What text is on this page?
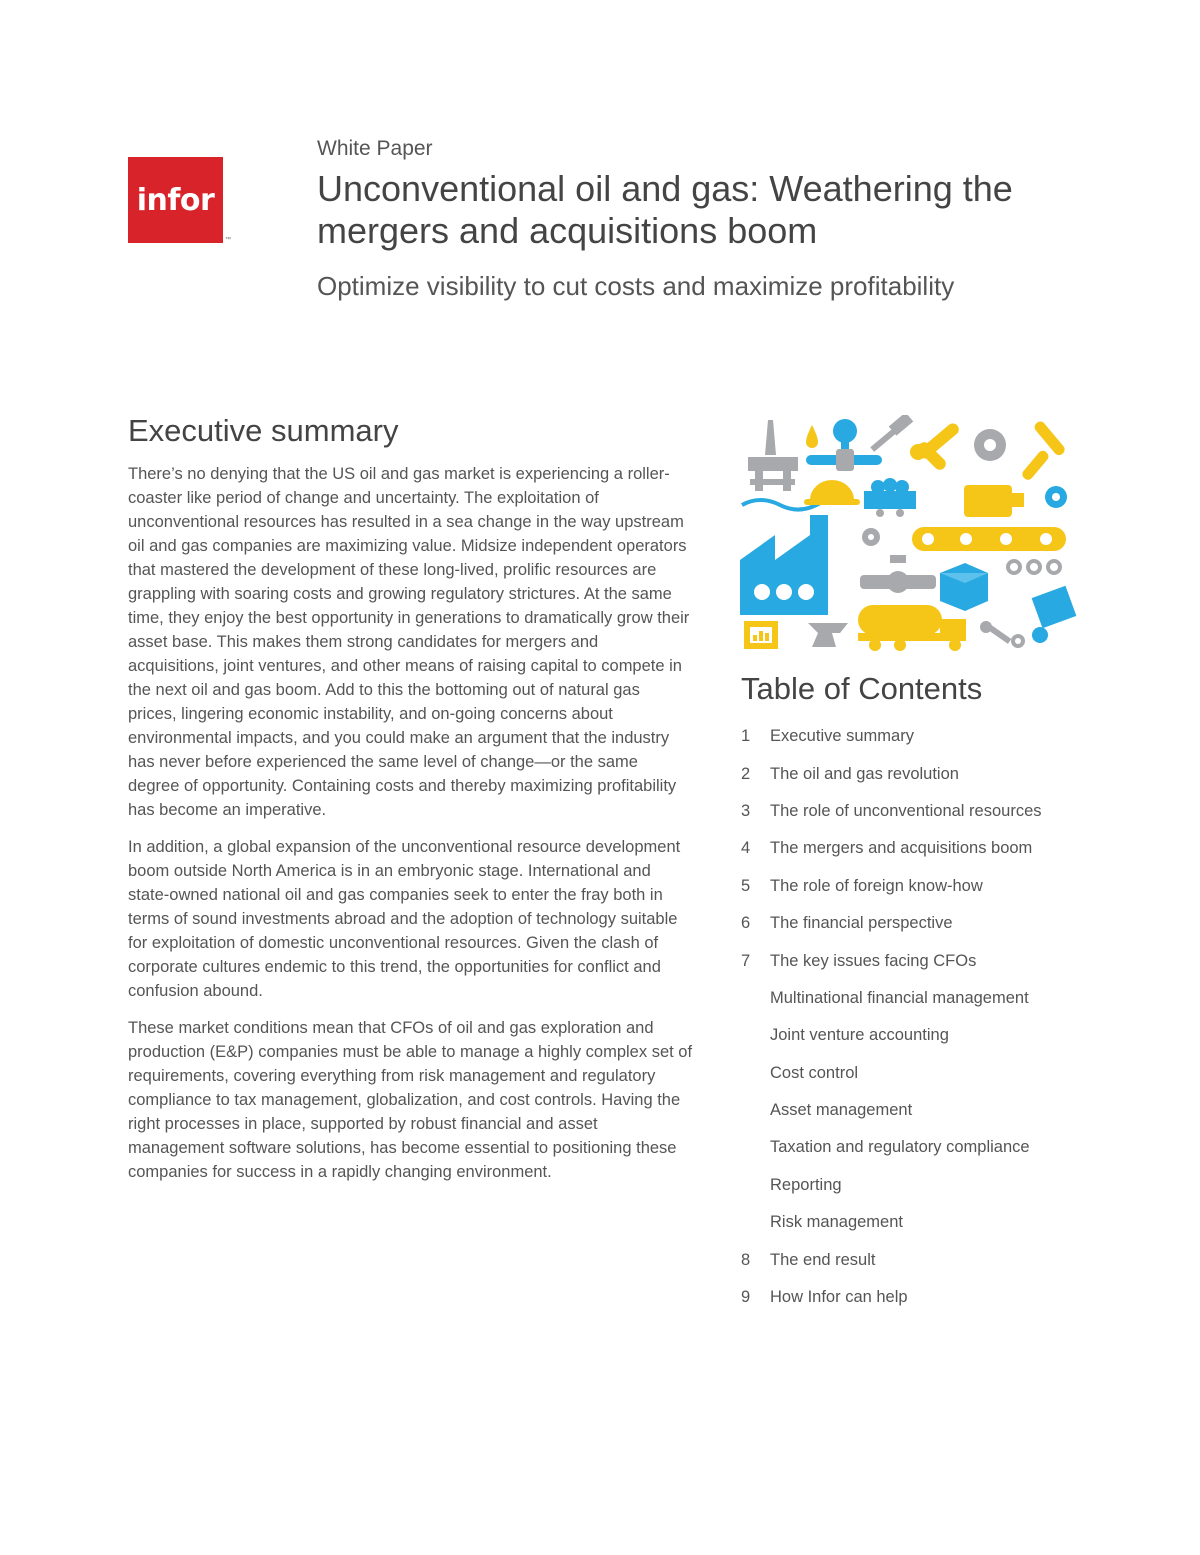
infor
™
White Paper
Unconventional oil and gas: Weathering the mergers and acquisitions boom
Optimize visibility to cut costs and maximize profitability
Executive summary

There’s no denying that the US oil and gas market is experiencing a roller-coaster like period of change and uncertainty. The exploitation of unconventional resources has resulted in a sea change in the way upstream oil and gas companies are maximizing value. Midsize independent operators that mastered the development of these long-lived, prolific resources are grappling with soaring costs and growing regulatory strictures. At the same time, they enjoy the best opportunity in generations to dramatically grow their asset base. This makes them strong candidates for mergers and acquisitions, joint ventures, and other means of raising capital to compete in the next oil and gas boom. Add to this the bottoming out of natural gas prices, lingering economic instability, and on-going concerns about environmental impacts, and you could make an argument that the industry has never before experienced the same level of change—or the same degree of opportunity. Containing costs and thereby maximizing profitability has become an imperative.

In addition, a global expansion of the unconventional resource development boom outside North America is in an embryonic stage. International and state-owned national oil and gas companies seek to enter the fray both in terms of sound investments abroad and the adoption of technology suitable for exploitation of domestic unconventional resources. Given the clash of corporate cultures endemic to this trend, the opportunities for conflict and confusion abound.

These market conditions mean that CFOs of oil and gas exploration and production (E&P) companies must be able to manage a highly complex set of requirements, covering everything from risk management and regulatory compliance to tax management, globalization, and cost controls. Having the right processes in place, supported by robust financial and asset management software solutions, has become essential to positioning these companies for success in a rapidly changing environment.

Table of Contents
1	Executive summary
2	The oil and gas revolution
3	The role of unconventional resources
4	The mergers and acquisitions boom
5	The role of foreign know-how
6	The financial perspective
7	The key issues facing CFOs
Multinational financial management
Joint venture accounting
Cost control
Asset management
Taxation and regulatory compliance
Reporting
Risk management
8	The end result
9	How Infor can help
